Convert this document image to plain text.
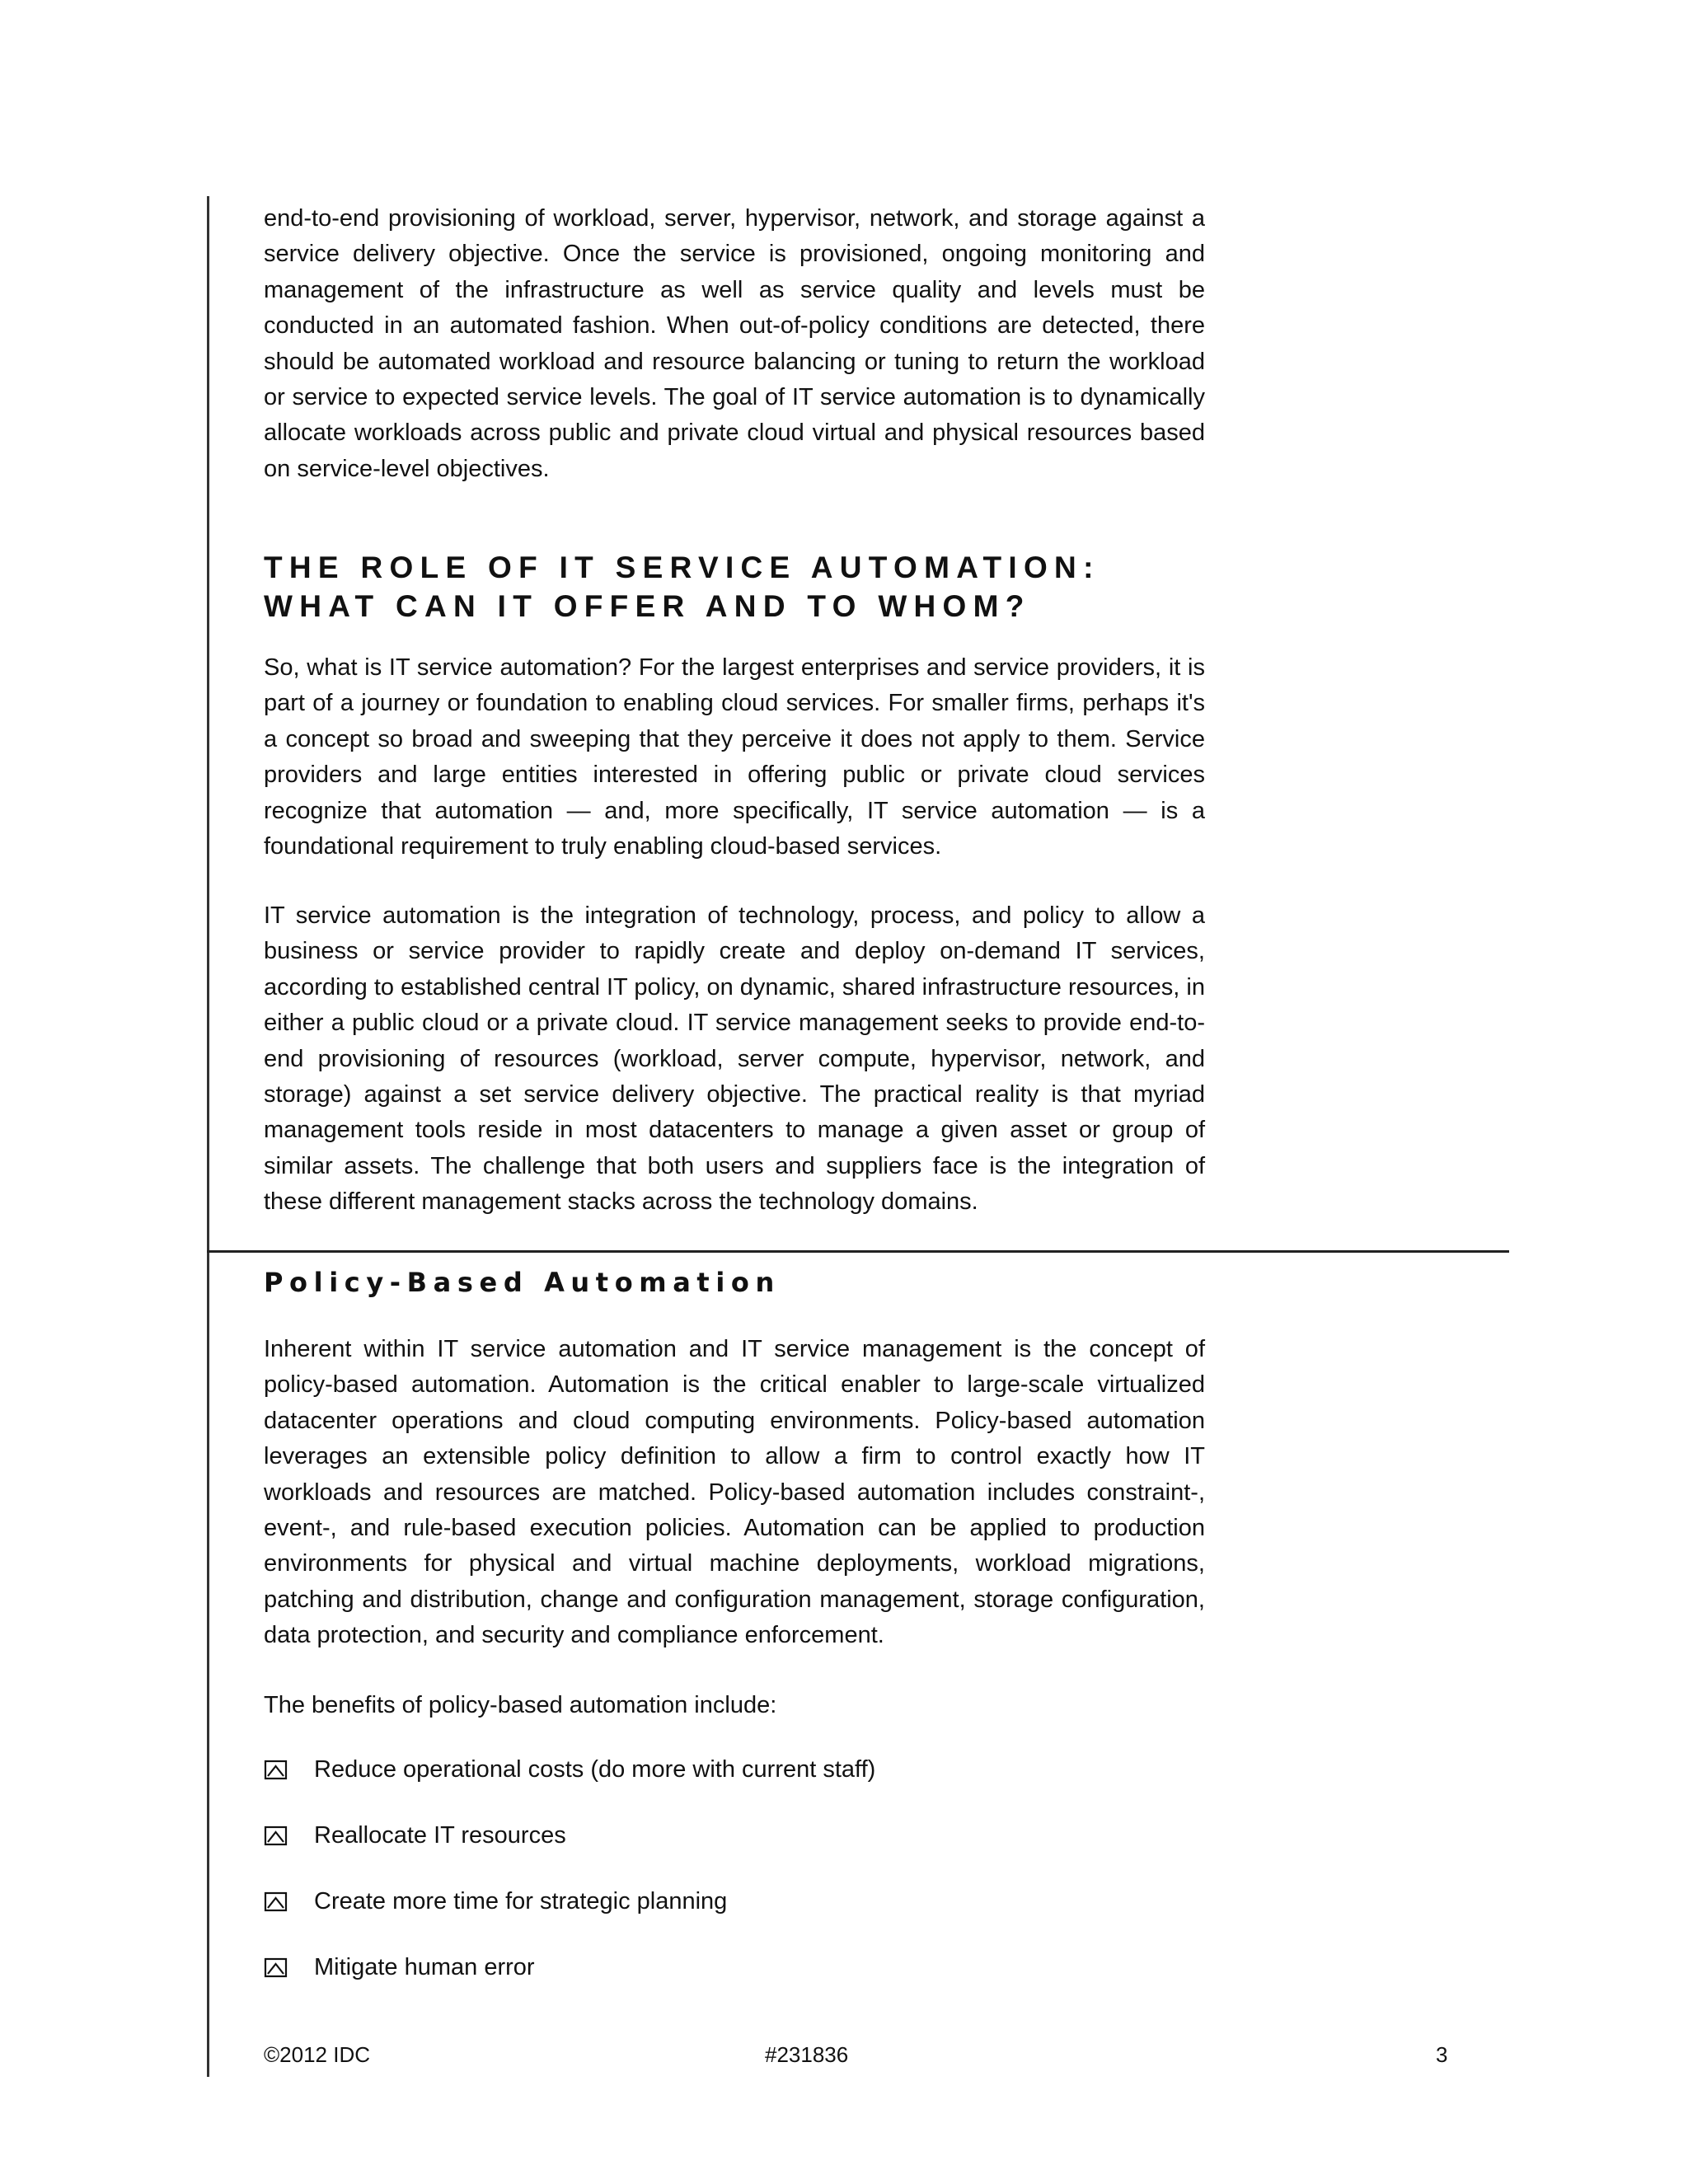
end-to-end provisioning of workload, server, hypervisor, network, and storage against a service delivery objective. Once the service is provisioned, ongoing monitoring and management of the infrastructure as well as service quality and levels must be conducted in an automated fashion. When out-of-policy conditions are detected, there should be automated workload and resource balancing or tuning to return the workload or service to expected service levels. The goal of IT service automation is to dynamically allocate workloads across public and private cloud virtual and physical resources based on service-level objectives.

THE ROLE OF IT SERVICE AUTOMATION:
WHAT CAN IT OFFER AND TO WHOM?

So, what is IT service automation? For the largest enterprises and service providers, it is part of a journey or foundation to enabling cloud services. For smaller firms, perhaps it's a concept so broad and sweeping that they perceive it does not apply to them. Service providers and large entities interested in offering public or private cloud services recognize that automation — and, more specifically, IT service automation — is a foundational requirement to truly enabling cloud-based services.

IT service automation is the integration of technology, process, and policy to allow a business or service provider to rapidly create and deploy on-demand IT services, according to established central IT policy, on dynamic, shared infrastructure resources, in either a public cloud or a private cloud. IT service management seeks to provide end-to-end provisioning of resources (workload, server compute, hypervisor, network, and storage) against a set service delivery objective. The practical reality is that myriad management tools reside in most datacenters to manage a given asset or group of similar assets. The challenge that both users and suppliers face is the integration of these different management stacks across the technology domains.

Policy-Based Automation

Inherent within IT service automation and IT service management is the concept of policy-based automation. Automation is the critical enabler to large-scale virtualized datacenter operations and cloud computing environments. Policy-based automation leverages an extensible policy definition to allow a firm to control exactly how IT workloads and resources are matched. Policy-based automation includes constraint-, event-, and rule-based execution policies. Automation can be applied to production environments for physical and virtual machine deployments, workload migrations, patching and distribution, change and configuration management, storage configuration, data protection, and security and compliance enforcement.

The benefits of policy-based automation include:

Reduce operational costs (do more with current staff)
Reallocate IT resources
Create more time for strategic planning
Mitigate human error
©2012 IDC	#231836	3
